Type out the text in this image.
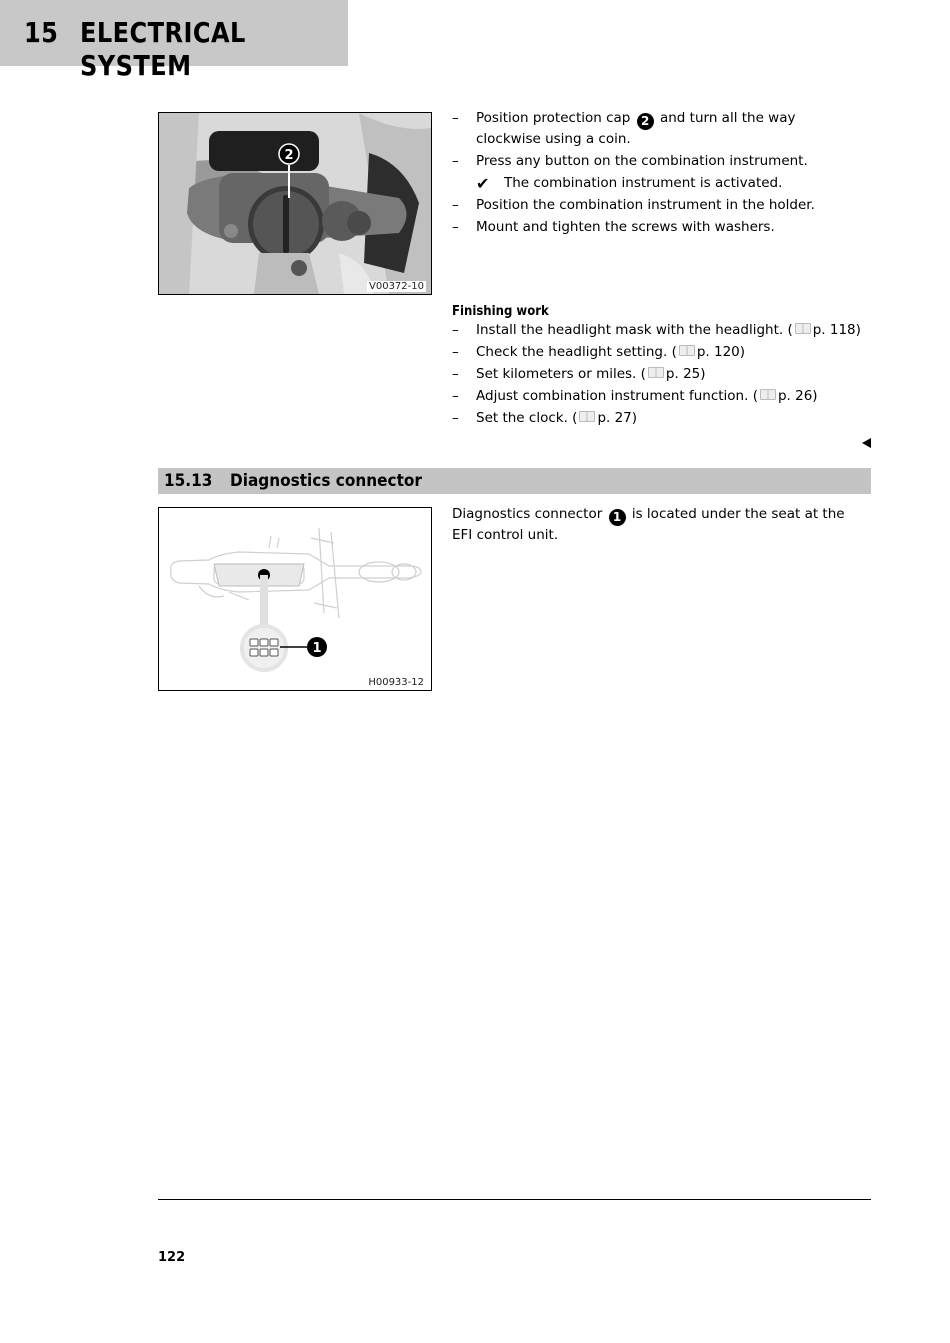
15 ELECTRICAL SYSTEM
2
V00372-10
– Position protection cap 2 and turn all the way clockwise using a coin.
– Press any button on the combination instrument.
✔ The combination instrument is activated.
– Position the combination instrument in the holder.
– Mount and tighten the screws with washers.
Finishing work
– Install the headlight mask with the headlight. ( p. 118)
– Check the headlight setting. ( p. 120)
– Set kilometers or miles. ( p. 25)
– Adjust combination instrument function. ( p. 26)
– Set the clock. ( p. 27)
15.13 Diagnostics connector
1
H00933-12
Diagnostics connector 1 is located under the seat at the EFI control unit.
122
